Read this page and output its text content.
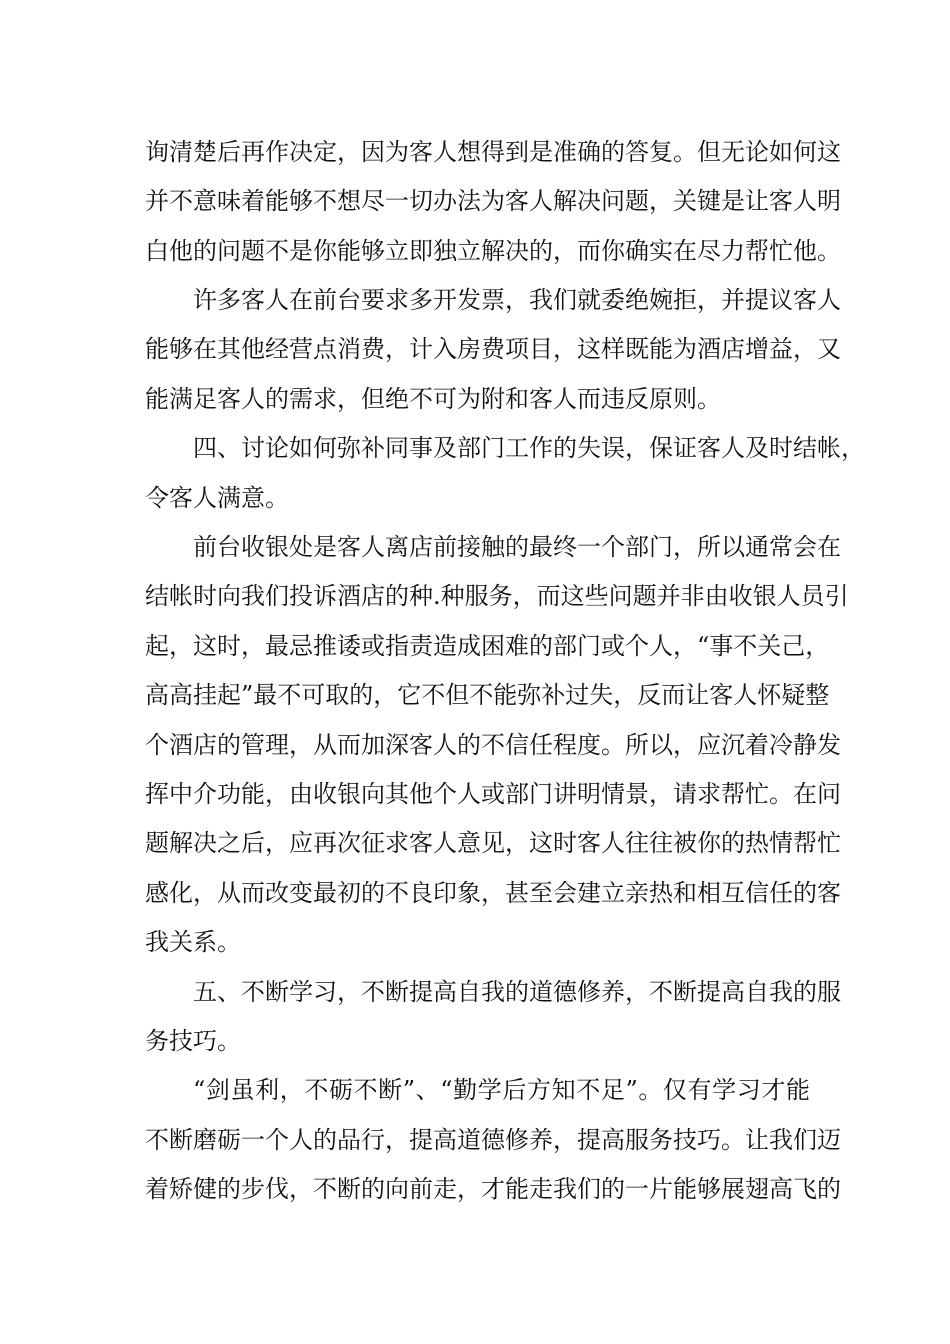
询清楚后再作决定，因为客人想得到是准确的答复。但无论如何这
并不意味着能够不想尽一切办法为客人解决问题，关键是让客人明
白他的问题不是你能够立即独立解决的，而你确实在尽力帮忙他。
许多客人在前台要求多开发票，我们就委绝婉拒，并提议客人
能够在其他经营点消费，计入房费项目，这样既能为酒店增益，又
能满足客人的需求，但绝不可为附和客人而违反原则。
四、讨论如何弥补同事及部门工作的失误，保证客人及时结帐，
令客人满意。
前台收银处是客人离店前接触的最终一个部门，所以通常会在
结帐时向我们投诉酒店的种.种服务，而这些问题并非由收银人员引
起，这时，最忌推诿或指责造成困难的部门或个人，“事不关己，
高高挂起”最不可取的，它不但不能弥补过失，反而让客人怀疑整
个酒店的管理，从而加深客人的不信任程度。所以，应沉着冷静发
挥中介功能，由收银向其他个人或部门讲明情景，请求帮忙。在问
题解决之后，应再次征求客人意见，这时客人往往被你的热情帮忙
感化，从而改变最初的不良印象，甚至会建立亲热和相互信任的客
我关系。
五、不断学习，不断提高自我的道德修养，不断提高自我的服
务技巧。
“剑虽利，不砺不断”、“勤学后方知不足”。仅有学习才能
不断磨砺一个人的品行，提高道德修养，提高服务技巧。让我们迈
着矫健的步伐，不断的向前走，才能走我们的一片能够展翅高飞的
